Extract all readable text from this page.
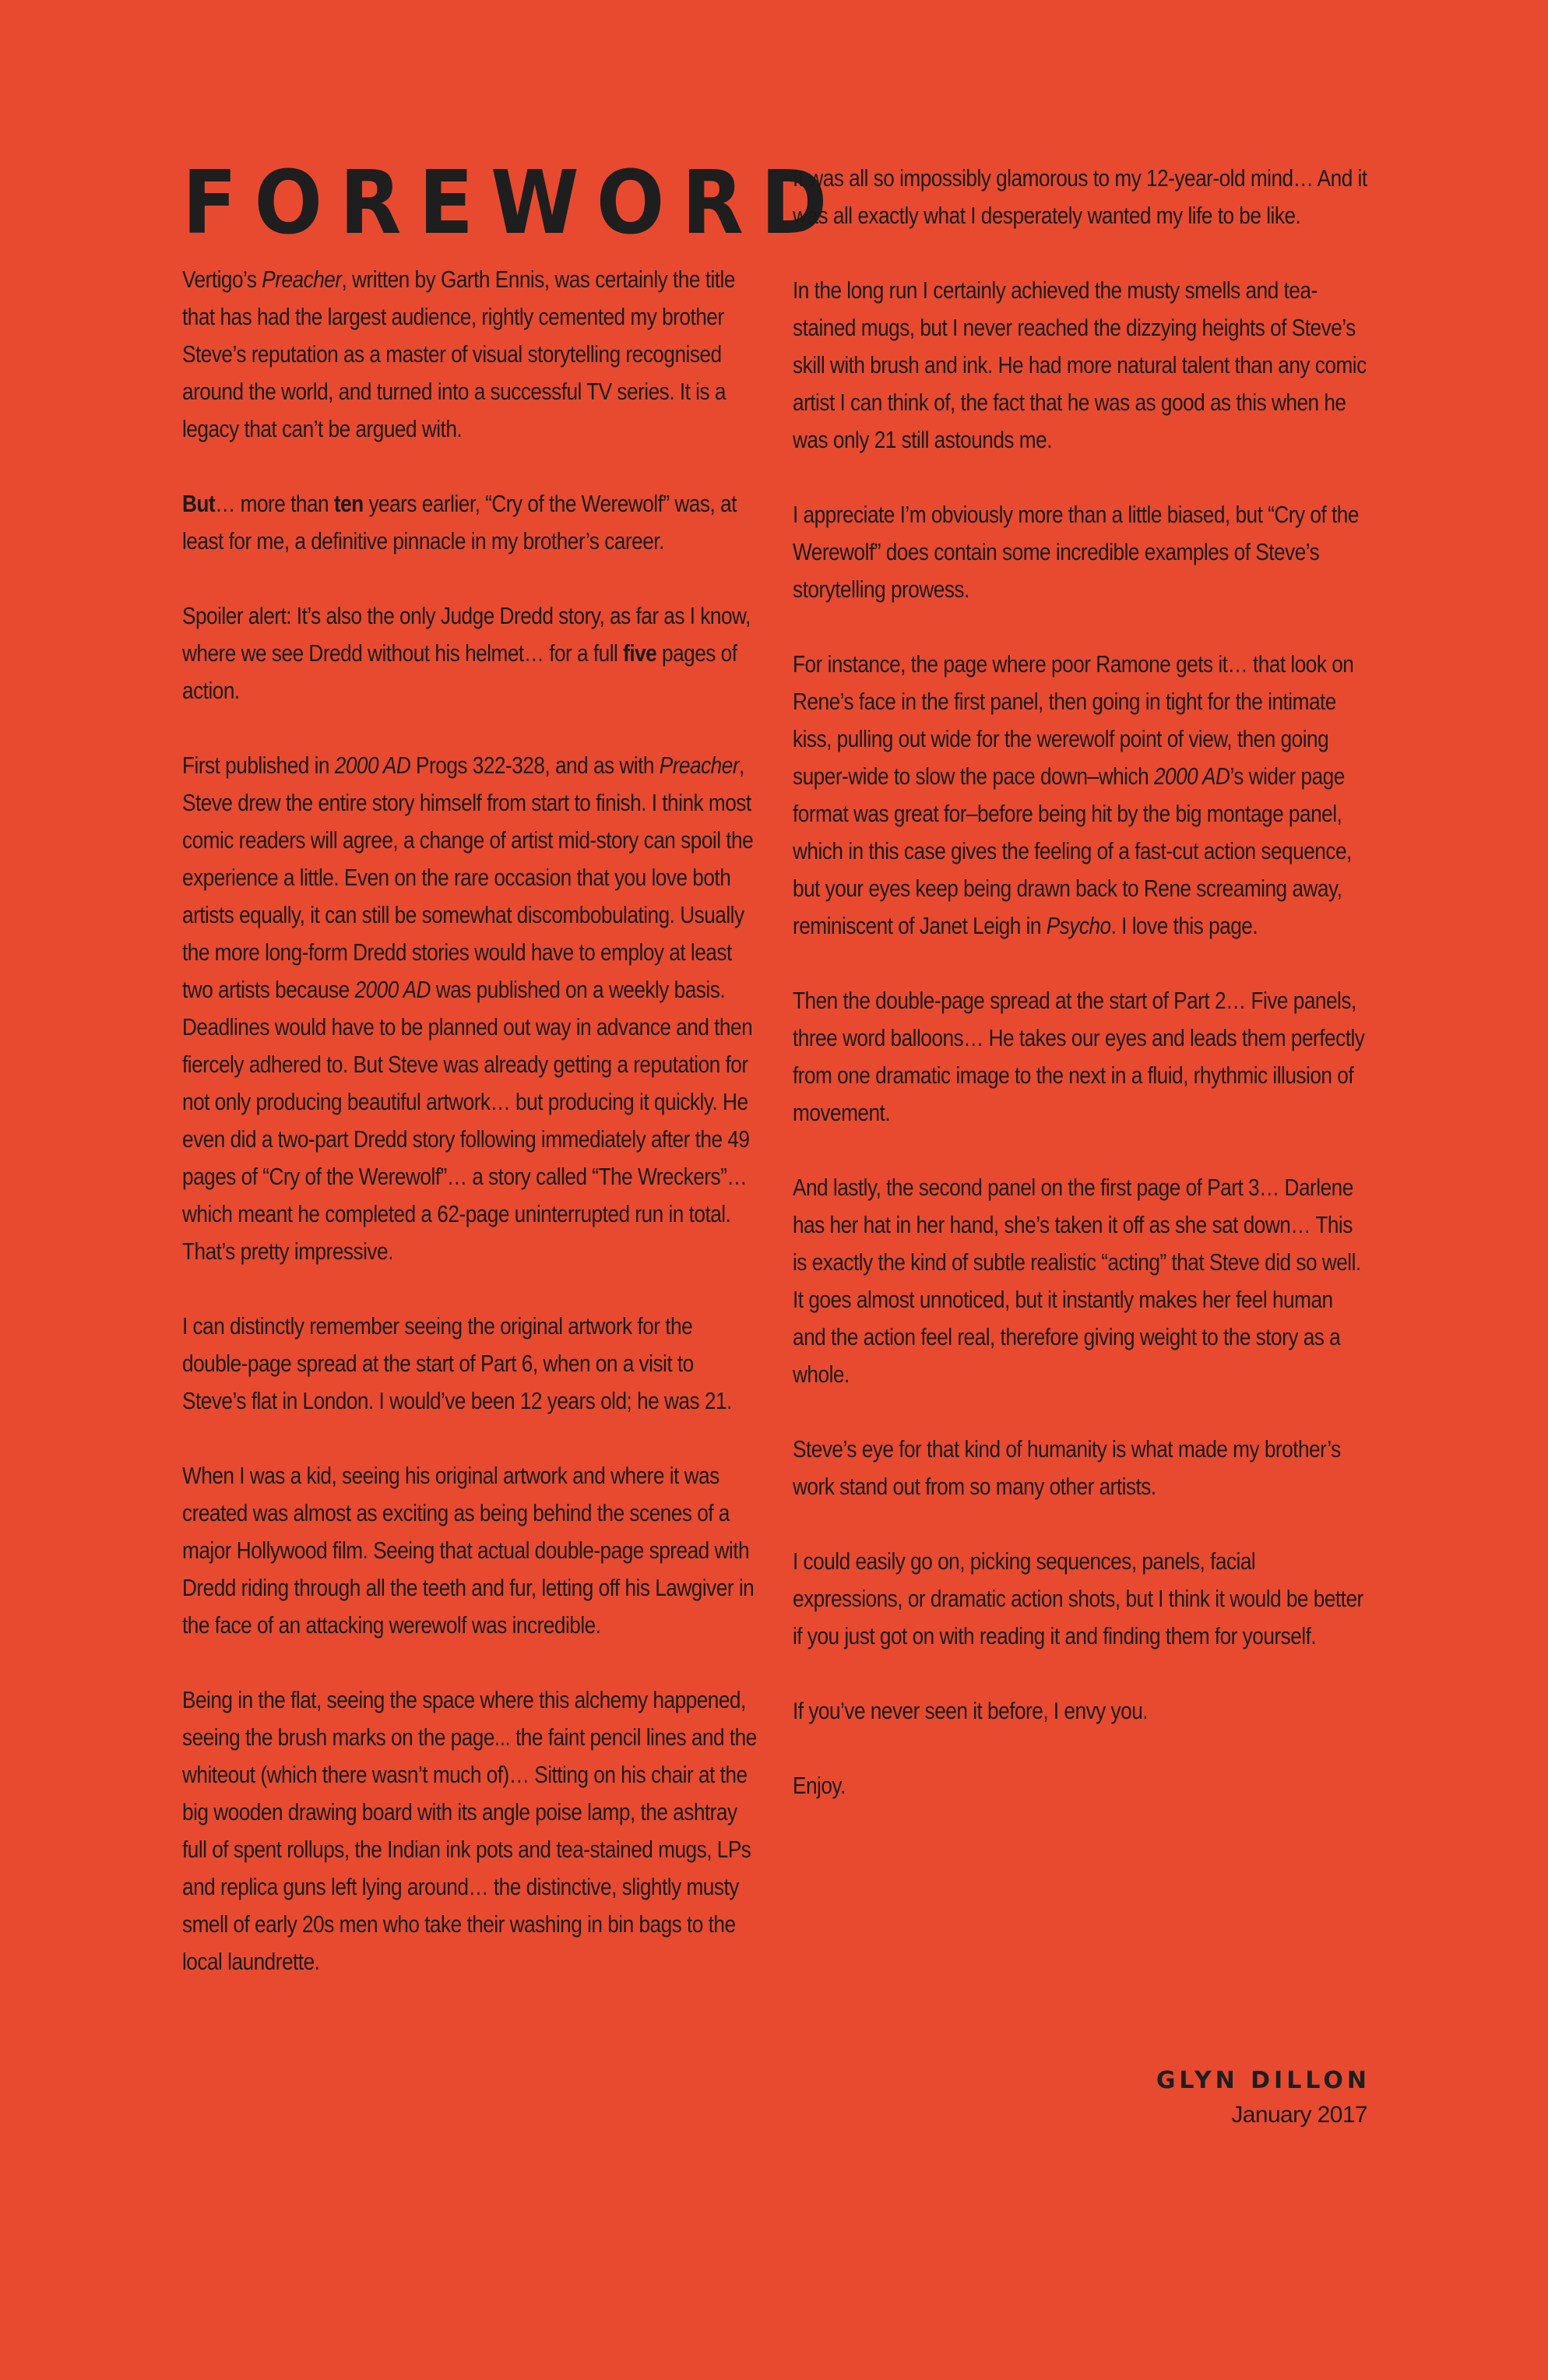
FOREWORD

Vertigo’s Preacher, written by Garth Ennis, was certainly the title that has had the largest audience, rightly cemented my brother Steve’s reputation as a master of visual storytelling recognised around the world, and turned into a successful TV series. It is a legacy that can’t be argued with.

But… more than ten years earlier, “Cry of the Werewolf” was, at least for me, a definitive pinnacle in my brother’s career.

Spoiler alert: It’s also the only Judge Dredd story, as far as I know, where we see Dredd without his helmet… for a full five pages of action.

First published in 2000 AD Progs 322-328, and as with Preacher, Steve drew the entire story himself from start to finish. I think most comic readers will agree, a change of artist mid-story can spoil the experience a little. Even on the rare occasion that you love both artists equally, it can still be somewhat discombobulating. Usually the more long-form Dredd stories would have to employ at least two artists because 2000 AD was published on a weekly basis. Deadlines would have to be planned out way in advance and then fiercely adhered to. But Steve was already getting a reputation for not only producing beautiful artwork… but producing it quickly. He even did a two-part Dredd story following immediately after the 49 pages of “Cry of the Werewolf”… a story called “The Wreckers”… which meant he completed a 62-page uninterrupted run in total. That’s pretty impressive.

I can distinctly remember seeing the original artwork for the double-page spread at the start of Part 6, when on a visit to Steve’s flat in London. I would’ve been 12 years old; he was 21.

When I was a kid, seeing his original artwork and where it was created was almost as exciting as being behind the scenes of a major Hollywood film. Seeing that actual double-page spread with Dredd riding through all the teeth and fur, letting off his Lawgiver in the face of an attacking werewolf was incredible.

Being in the flat, seeing the space where this alchemy happened, seeing the brush marks on the page... the faint pencil lines and the whiteout (which there wasn’t much of)… Sitting on his chair at the big wooden drawing board with its angle poise lamp, the ashtray full of spent rollups, the Indian ink pots and tea-stained mugs, LPs and replica guns left lying around… the distinctive, slightly musty smell of early 20s men who take their washing in bin bags to the local laundrette.

It was all so impossibly glamorous to my 12-year-old mind… And it was all exactly what I desperately wanted my life to be like.

In the long run I certainly achieved the musty smells and tea-stained mugs, but I never reached the dizzying heights of Steve’s skill with brush and ink. He had more natural talent than any comic artist I can think of, the fact that he was as good as this when he was only 21 still astounds me.

I appreciate I’m obviously more than a little biased, but “Cry of the Werewolf” does contain some incredible examples of Steve’s storytelling prowess.

For instance, the page where poor Ramone gets it… that look on Rene’s face in the first panel, then going in tight for the intimate kiss, pulling out wide for the werewolf point of view, then going super-wide to slow the pace down–which 2000 AD’s wider page format was great for–before being hit by the big montage panel, which in this case gives the feeling of a fast-cut action sequence, but your eyes keep being drawn back to Rene screaming away, reminiscent of Janet Leigh in Psycho. I love this page.

Then the double-page spread at the start of Part 2… Five panels, three word balloons… He takes our eyes and leads them perfectly from one dramatic image to the next in a fluid, rhythmic illusion of movement.

And lastly, the second panel on the first page of Part 3… Darlene has her hat in her hand, she’s taken it off as she sat down… This is exactly the kind of subtle realistic “acting” that Steve did so well. It goes almost unnoticed, but it instantly makes her feel human and the action feel real, therefore giving weight to the story as a whole.

Steve’s eye for that kind of humanity is what made my brother’s work stand out from so many other artists.

I could easily go on, picking sequences, panels, facial expressions, or dramatic action shots, but I think it would be better if you just got on with reading it and finding them for yourself.

If you’ve never seen it before, I envy you.

Enjoy.

GLYN DILLON
January 2017
